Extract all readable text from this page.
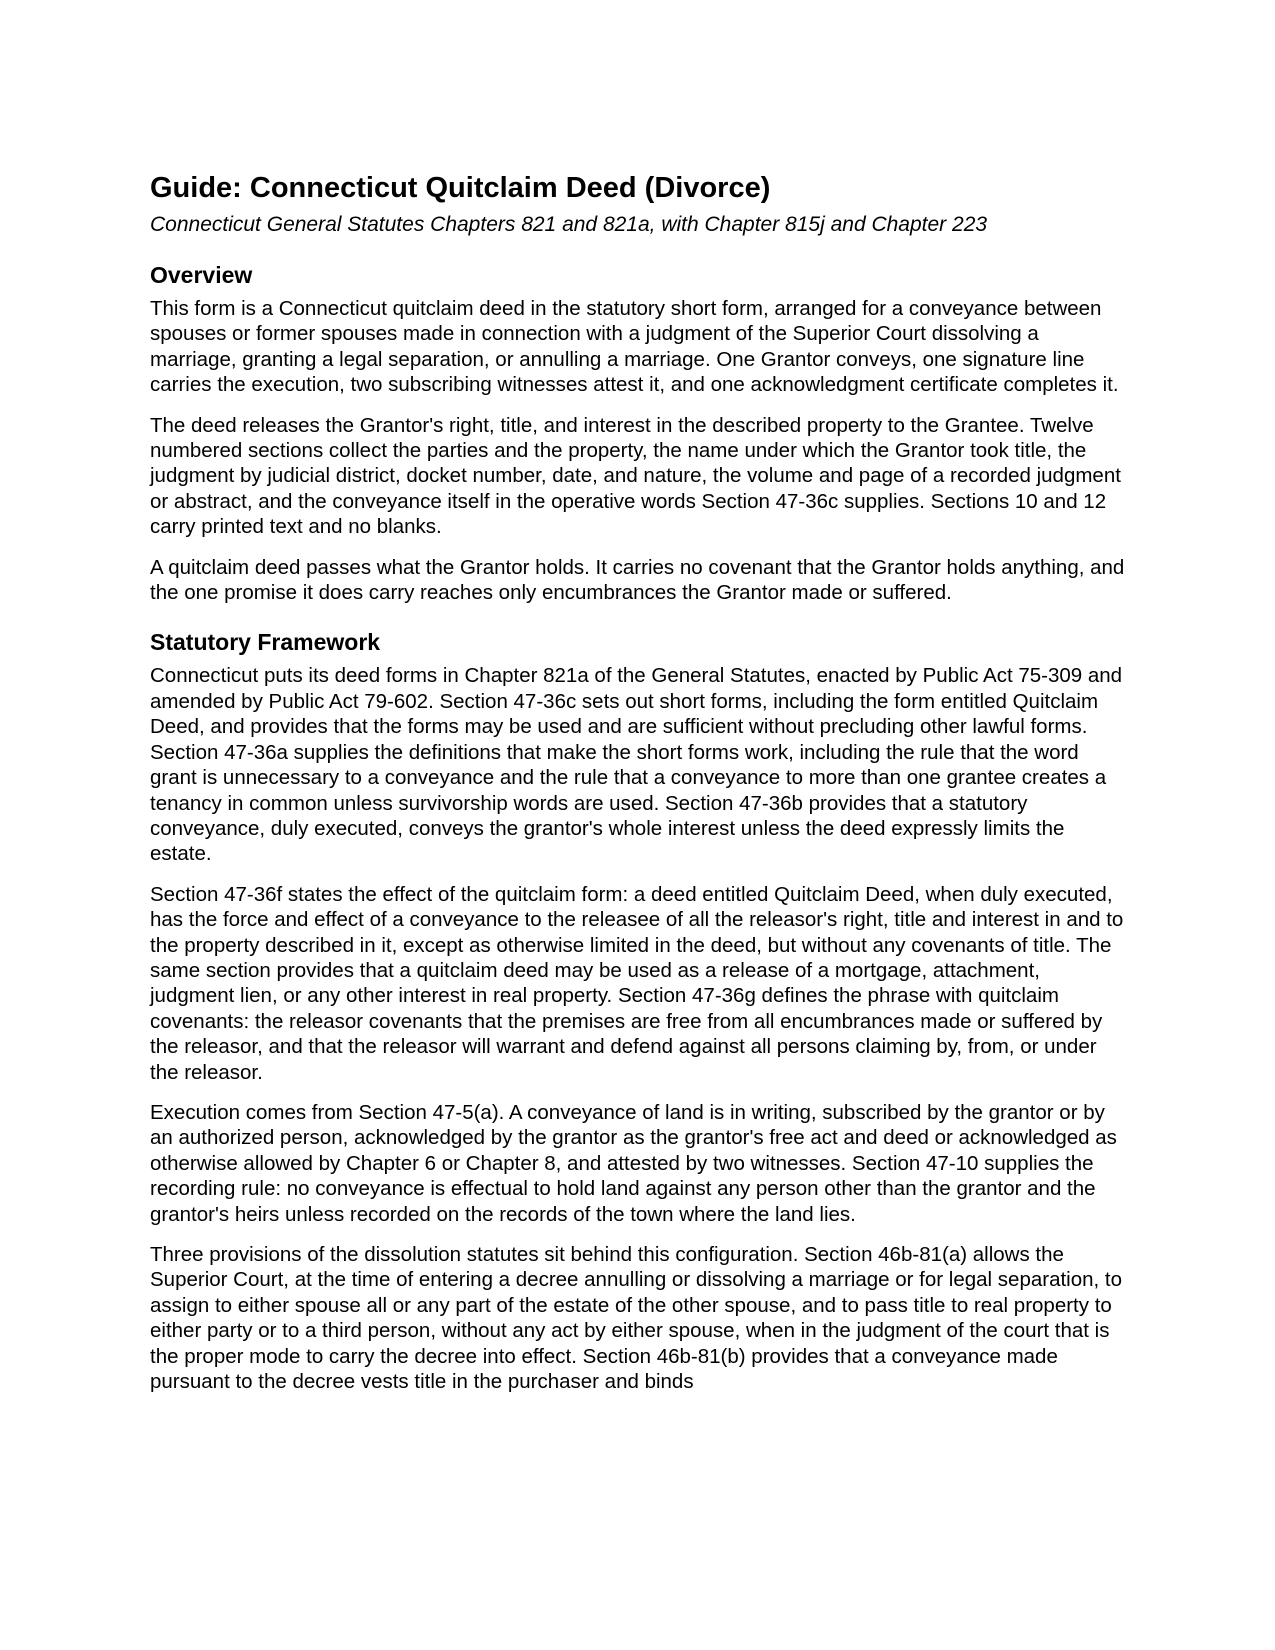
Guide: Connecticut Quitclaim Deed (Divorce)

Connecticut General Statutes Chapters 821 and 821a, with Chapter 815j and Chapter 223

Overview

This form is a Connecticut quitclaim deed in the statutory short form, arranged for a conveyance between spouses or former spouses made in connection with a judgment of the Superior Court dissolving a marriage, granting a legal separation, or annulling a marriage. One Grantor conveys, one signature line carries the execution, two subscribing witnesses attest it, and one acknowledgment certificate completes it.

The deed releases the Grantor's right, title, and interest in the described property to the Grantee. Twelve numbered sections collect the parties and the property, the name under which the Grantor took title, the judgment by judicial district, docket number, date, and nature, the volume and page of a recorded judgment or abstract, and the conveyance itself in the operative words Section 47-36c supplies. Sections 10 and 12 carry printed text and no blanks.

A quitclaim deed passes what the Grantor holds. It carries no covenant that the Grantor holds anything, and the one promise it does carry reaches only encumbrances the Grantor made or suffered.

Statutory Framework

Connecticut puts its deed forms in Chapter 821a of the General Statutes, enacted by Public Act 75-309 and amended by Public Act 79-602. Section 47-36c sets out short forms, including the form entitled Quitclaim Deed, and provides that the forms may be used and are sufficient without precluding other lawful forms. Section 47-36a supplies the definitions that make the short forms work, including the rule that the word grant is unnecessary to a conveyance and the rule that a conveyance to more than one grantee creates a tenancy in common unless survivorship words are used. Section 47-36b provides that a statutory conveyance, duly executed, conveys the grantor's whole interest unless the deed expressly limits the estate.

Section 47-36f states the effect of the quitclaim form: a deed entitled Quitclaim Deed, when duly executed, has the force and effect of a conveyance to the releasee of all the releasor's right, title and interest in and to the property described in it, except as otherwise limited in the deed, but without any covenants of title. The same section provides that a quitclaim deed may be used as a release of a mortgage, attachment, judgment lien, or any other interest in real property. Section 47-36g defines the phrase with quitclaim covenants: the releasor covenants that the premises are free from all encumbrances made or suffered by the releasor, and that the releasor will warrant and defend against all persons claiming by, from, or under the releasor.

Execution comes from Section 47-5(a). A conveyance of land is in writing, subscribed by the grantor or by an authorized person, acknowledged by the grantor as the grantor's free act and deed or acknowledged as otherwise allowed by Chapter 6 or Chapter 8, and attested by two witnesses. Section 47-10 supplies the recording rule: no conveyance is effectual to hold land against any person other than the grantor and the grantor's heirs unless recorded on the records of the town where the land lies.

Three provisions of the dissolution statutes sit behind this configuration. Section 46b-81(a) allows the Superior Court, at the time of entering a decree annulling or dissolving a marriage or for legal separation, to assign to either spouse all or any part of the estate of the other spouse, and to pass title to real property to either party or to a third person, without any act by either spouse, when in the judgment of the court that is the proper mode to carry the decree into effect. Section 46b-81(b) provides that a conveyance made pursuant to the decree vests title in the purchaser and binds
